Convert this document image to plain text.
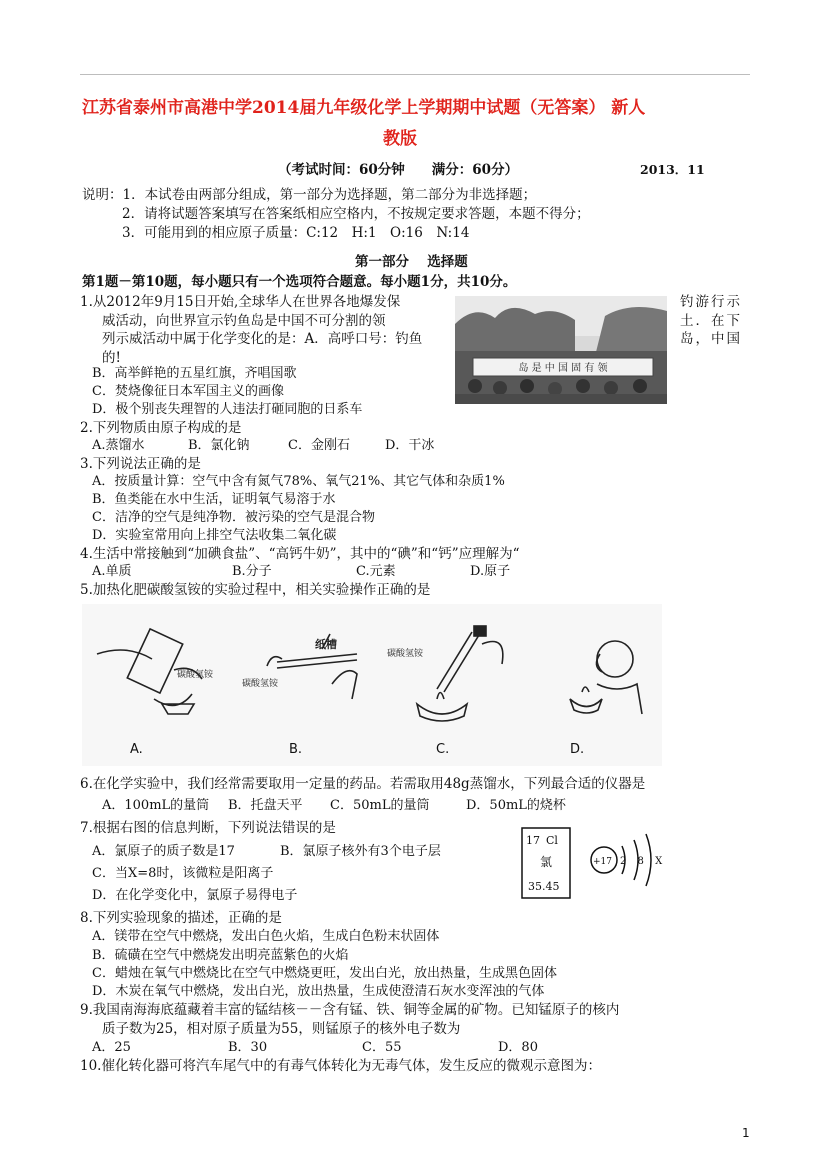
江苏省泰州市高港中学2014届九年级化学上学期期中试题（无答案） 新人
教版
（考试时间：60分钟　　满分：60分）	2013．11
说明：1．本试卷由两部分组成，第一部分为选择题，第二部分为非选择题；
2．请将试题答案填写在答案纸相应空格内，不按规定要求答题，本题不得分；
3．可能用到的相应原子质量：C:12　H:1　O:16　N:14
第一部分　 选择题
第1题－第10题，每小题只有一个选项符合题意。每小题1分，共10分。
1.从2012年9月15日开始,全球华人在世界各地爆发保	钓游行示
威活动，向世界宣示钓鱼岛是中国不可分割的领	土．在下
列示威活动中属于化学变化的是：A．高呼口号：钓鱼	岛，中国
的!
B．高举鲜艳的五星红旗，齐唱国歌
C．焚烧像征日本军国主义的画像
D．极个别丧失理智的人违法打砸同胞的日系车
岛 是 中 国 固 有 领
2.下列物质由原子构成的是
A.蒸馏水	B．氯化钠	C．金刚石	D．干冰
3.下列说法正确的是
A．按质量计算：空气中含有氮气78%、氧气21%、其它气体和杂质1%
B．鱼类能在水中生活，证明氧气易溶于水
C．洁净的空气是纯净物．被污染的空气是混合物
D．实验室常用向上排空气法收集二氧化碳
4.生活中常接触到“加碘食盐”、“高钙牛奶”，其中的“碘”和“钙”应理解为“
A.单质	B.分子	C.元素	D.原子
5.加热化肥碳酸氢铵的实验过程中，相关实验操作正确的是
碳酸氢铵
纸槽
碳酸氢铵
碳酸氢铵
A.	B.	C.	D.
6.在化学实验中，我们经常需要取用一定量的药品。若需取用48g蒸馏水，下列最合适的仪器是
A．100mL的量筒 B．托盘天平 C．50mL的量筒	D．50mL的烧杯
7.根据右图的信息判断，下列说法错误的是
A．氯原子的质子数是17	B．氯原子核外有3个电子层
C．当X=8时，该微粒是阳离子
D．在化学变化中，氯原子易得电子
17 Cl
氯
35.45
+17 2 8 X
8.下列实验现象的描述，正确的是
A．镁带在空气中燃烧，发出白色火焰，生成白色粉末状固体
B．硫磺在空气中燃烧发出明亮蓝紫色的火焰
C．蜡烛在氧气中燃烧比在空气中燃烧更旺，发出白光，放出热量，生成黑色固体
D．木炭在氧气中燃烧，发出白光，放出热量，生成使澄清石灰水变浑浊的气体
9.我国南海海底蕴藏着丰富的锰结核－－含有锰、铁、铜等金属的矿物。已知锰原子的核内
质子数为25，相对原子质量为55，则锰原子的核外电子数为
A．25	B．30	C．55	D．80
10.催化转化器可将汽车尾气中的有毒气体转化为无毒气体，发生反应的微观示意图为：
1
